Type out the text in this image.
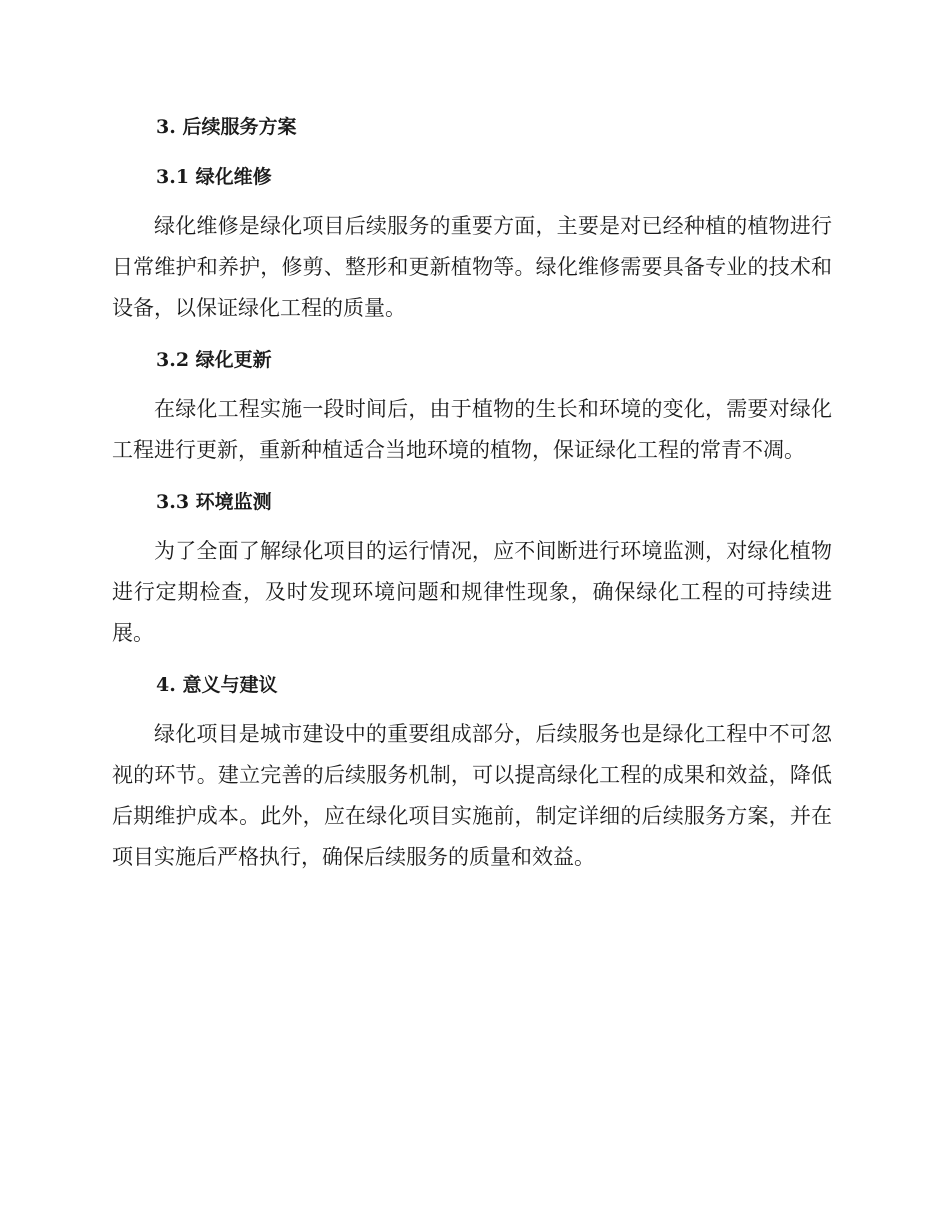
3. 后续服务方案
3.1 绿化维修

绿化维修是绿化项目后续服务的重要方面，主要是对已经种植的植物进行日常维护和养护，修剪、整形和更新植物等。绿化维修需要具备专业的技术和设备，以保证绿化工程的质量。

3.2 绿化更新

在绿化工程实施一段时间后，由于植物的生长和环境的变化，需要对绿化工程进行更新，重新种植适合当地环境的植物，保证绿化工程的常青不凋。

3.3 环境监测

为了全面了解绿化项目的运行情况，应不间断进行环境监测，对绿化植物进行定期检查，及时发现环境问题和规律性现象，确保绿化工程的可持续进展。

4. 意义与建议

绿化项目是城市建设中的重要组成部分，后续服务也是绿化工程中不可忽视的环节。建立完善的后续服务机制，可以提高绿化工程的成果和效益，降低后期维护成本。此外，应在绿化项目实施前，制定详细的后续服务方案，并在项目实施后严格执行，确保后续服务的质量和效益。
